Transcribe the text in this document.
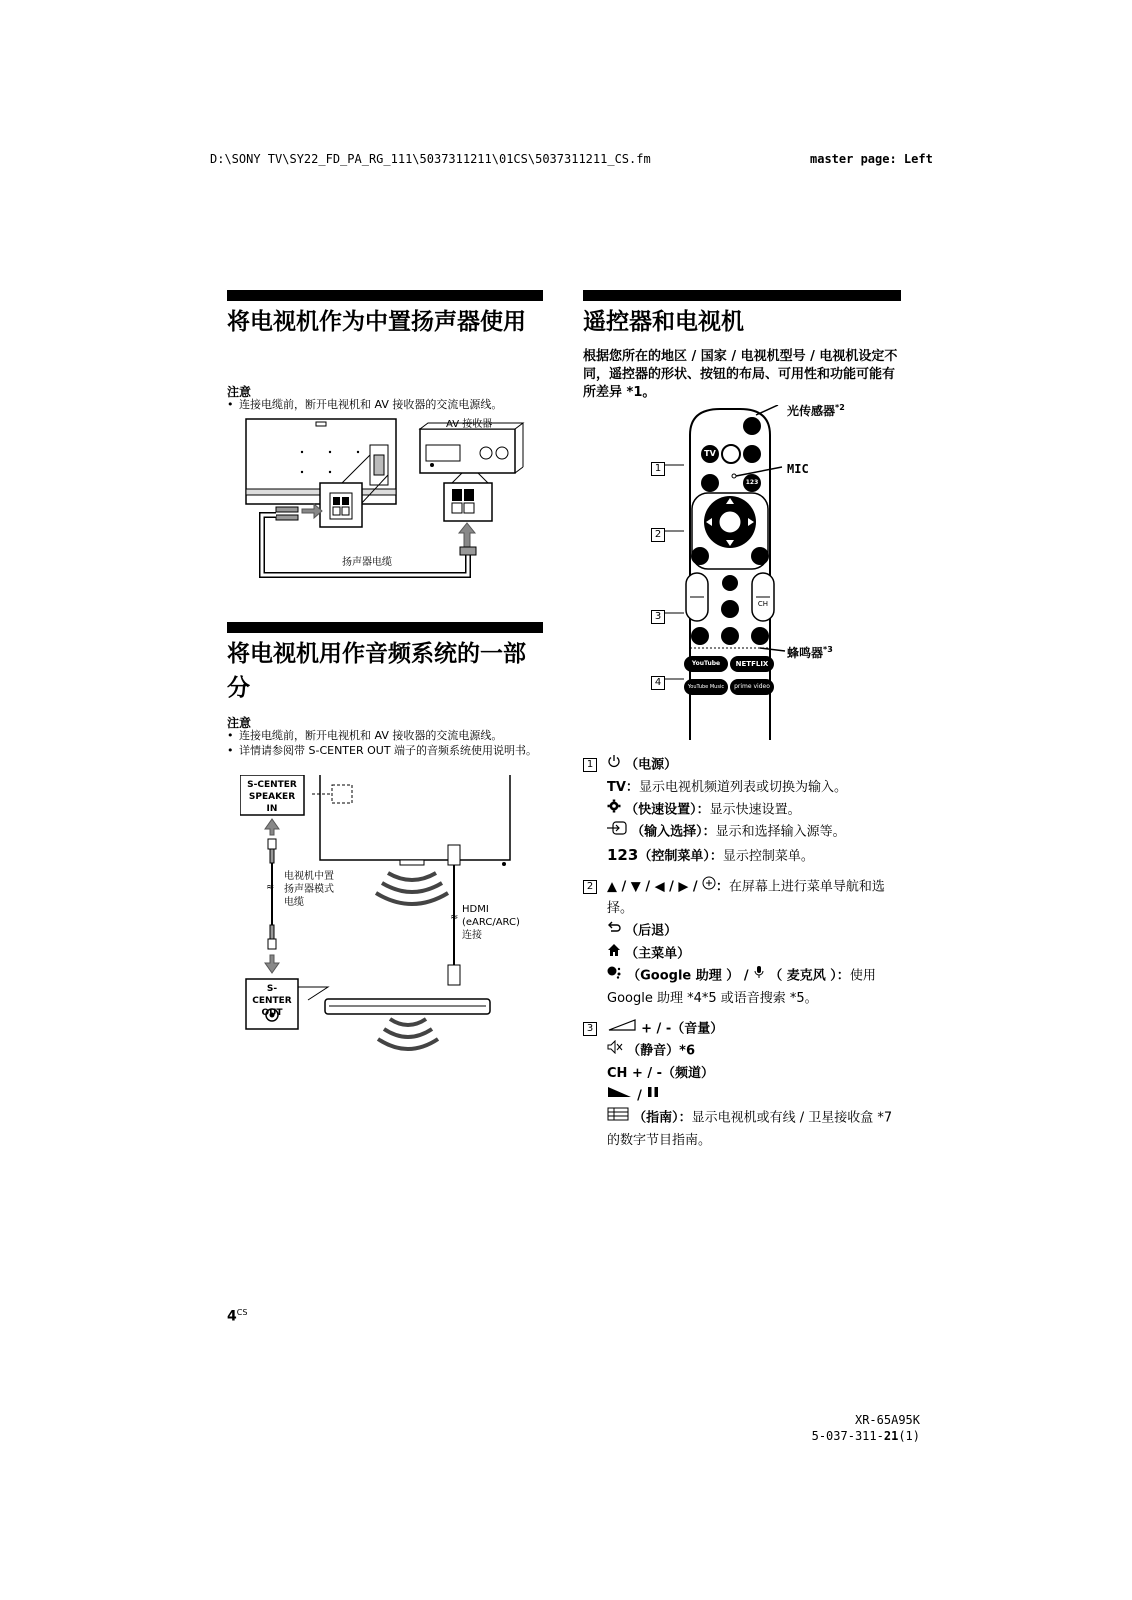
D:\SONY TV\SY22_FD_PA_RG_111\5037311211\01CS\5037311211_CS.fm	master page: Left
将电视机作为中置扬声器使用
注意
• 连接电缆前，断开电视机和 AV 接收器的交流电源线。
AV 接收器
扬声器电缆
将电视机用作音频系统的一部分
注意
• 连接电缆前，断开电视机和 AV 接收器的交流电源线。
• 详情请参阅带 S-CENTER OUT 端子的音频系统使用说明书。
≈
≈
S-CENTER SPEAKER IN
电视机中置扬声器模式电缆
HDMI (eARC/ARC) 连接
S-CENTER OUT
遥控器和电视机
根据您所在的地区 / 国家 / 电视机型号 / 电视机设定不同，遥控器的形状、按钮的布局、可用性和功能可能有所差异 *1。
TV
123
CH
YouTube	NETFLIX
YouTube Music	prime video
光传感器$^{*2}$
MIC
蜂鸣器$^{*3}$
1
2
3
4
1 （电源）
TV：显示电视机频道列表或切换为输入。
（快速设置）：显示快速设置。
（输入选择）：显示和选择输入源等。
123（控制菜单）：显示控制菜单。
2 ▲ / ▼ / ◀ / ▶ / ：在屏幕上进行菜单导航和选择。
（后退）
（主菜单）
（Google 助理 ） /  （ 麦克风 ）：使用 Google 助理 *4*5 或语音搜索 *5。
3	+ / -（音量）
（静音）*6
CH + / -（频道）
/
（指南）：显示电视机或有线 / 卫星接收盒 *7 的数字节目指南。
$4^{CS}$
XR-65A95K
5-037-311-21(1)
